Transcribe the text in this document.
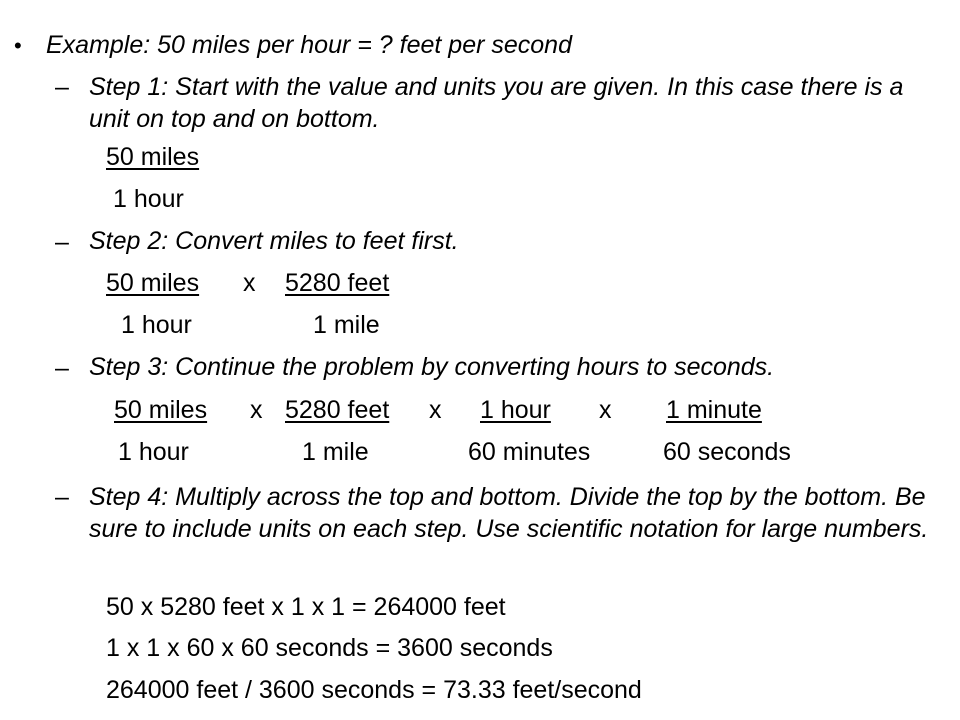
• Example: 50 miles per hour = ? feet per second
– Step 1: Start with the value and units you are given. In this case there is a unit on top and on bottom.
50 miles
1 hour
– Step 2: Convert miles to feet first.
50 miles x 5280 feet
1 hour	1 mile
– Step 3: Continue the problem by converting hours to seconds.
50 miles x 5280 feet x 1 hour x 1 minute
1 hour	1 mile	60 minutes	60 seconds
– Step 4: Multiply across the top and bottom. Divide the top by the bottom. Be sure to include units on each step. Use scientific notation for large numbers.
50 x 5280 feet x 1 x 1 = 264000 feet
1 x 1 x 60 x 60 seconds = 3600 seconds
264000 feet / 3600 seconds = 73.33 feet/second
